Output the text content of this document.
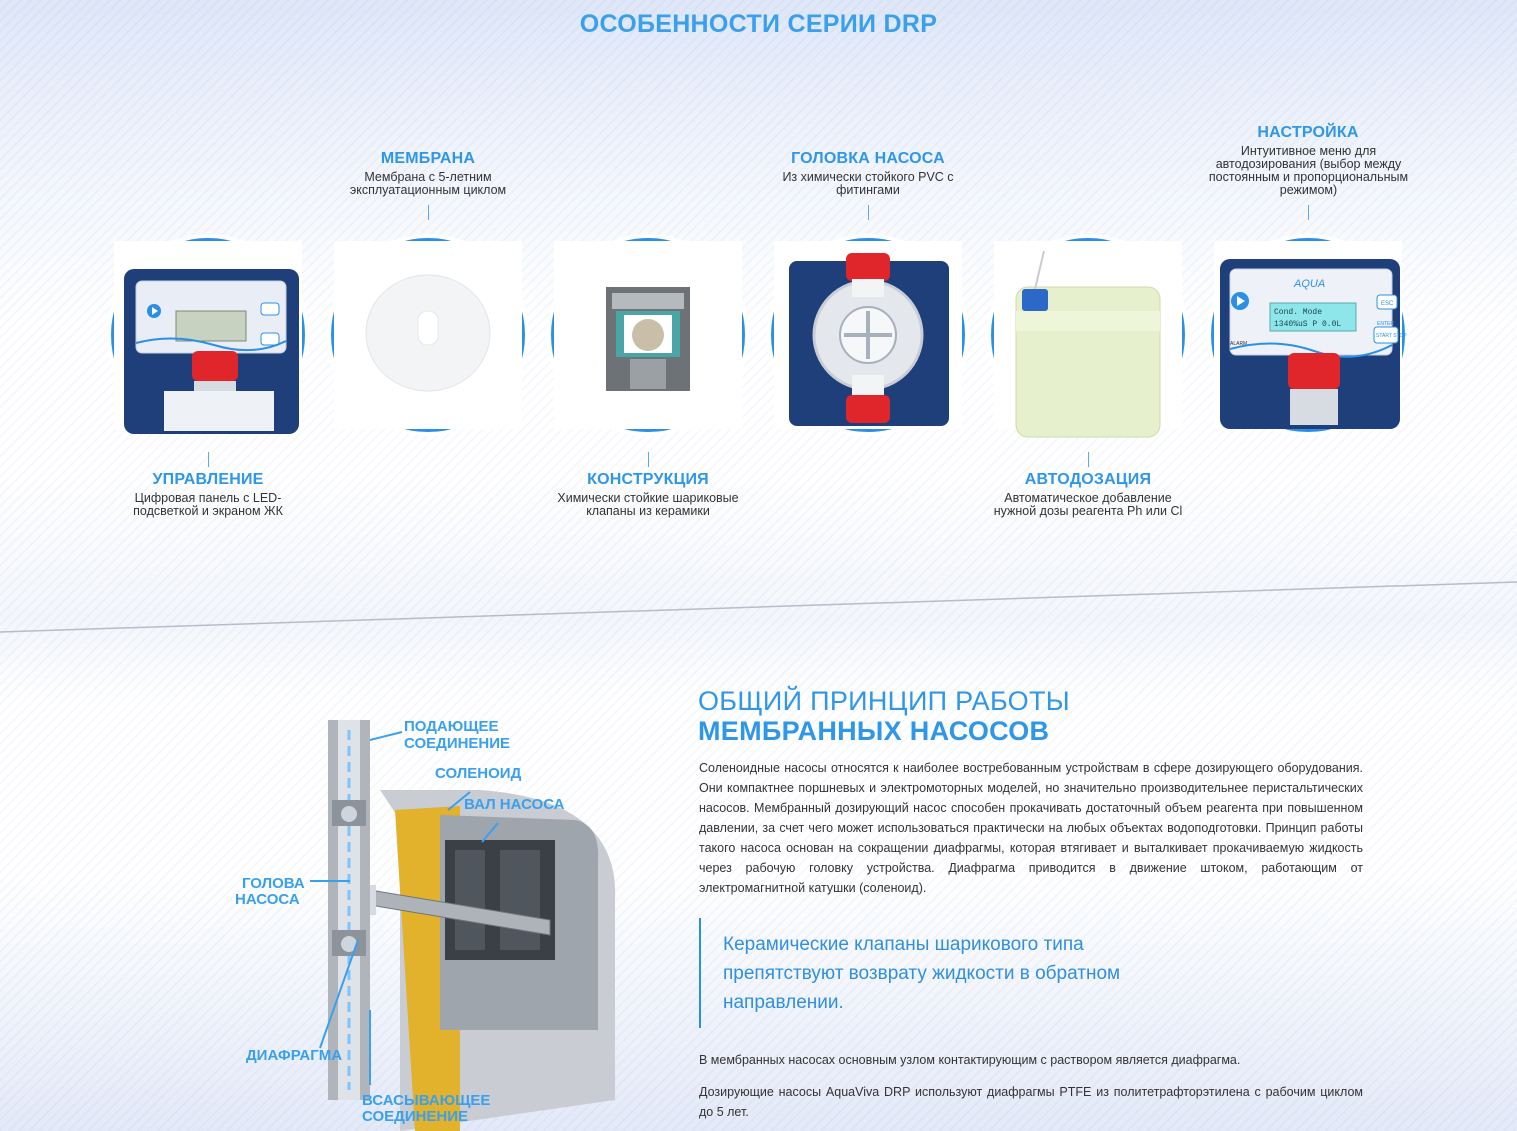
ОСОБЕННОСТИ СЕРИИ DRP
МЕМБРАНА
Мембрана с 5-летним эксплуатационным циклом
ГОЛОВКА НАСОСА
Из химически стойкого PVC с фитингами
НАСТРОЙКА
Интуитивное меню для автодозирования (выбор между постоянным и пропорциональным режимом)
AQUA
Cond. Mode
1340%uS P 0.0L
ESC
ENTER
START STOP
ALARM
УПРАВЛЕНИЕ
Цифровая панель с LED-подсветкой и экраном ЖК
КОНСТРУКЦИЯ
Химически стойкие шариковые клапаны из керамики
АВТОДОЗАЦИЯ
Автоматическое добавление нужной дозы реагента Ph или Cl
ПОДАЮЩЕЕ
СОЕДИНЕНИЕ
СОЛЕНОИД
ВАЛ НАСОСА
ГОЛОВА
НАСОСА
ДИАФРАГМА
ВСАСЫВАЮЩЕЕ
СОЕДИНЕНИЕ
ОБЩИЙ ПРИНЦИП РАБОТЫ
МЕМБРАННЫХ НАСОСОВ
Соленоидные насосы относятся к наиболее востребованным устройствам в сфере дозирующего оборудования. Они компактнее поршневых и электромоторных моделей, но значительно производительнее перистальтических насосов. Мембранный дозирующий насос способен прокачивать достаточный объем реагента при повышенном давлении, за счет чего может использоваться практически на любых объектах водоподготовки. Принцип работы такого насоса основан на сокращении диафрагмы, которая втягивает и выталкивает прокачиваемую жидкость через рабочую головку устройства. Диафрагма приводится в движение штоком, работающим от электромагнитной катушки (соленоид).
Керамические клапаны шарикового типа препятствуют возврату жидкости в обратном направлении.
В мембранных насосах основным узлом контактирующим с раствором является диафрагма.
Дозирующие насосы AquaViva DRP используют диафрагмы PTFE из политетрафторэтилена с рабочим циклом до 5 лет.
